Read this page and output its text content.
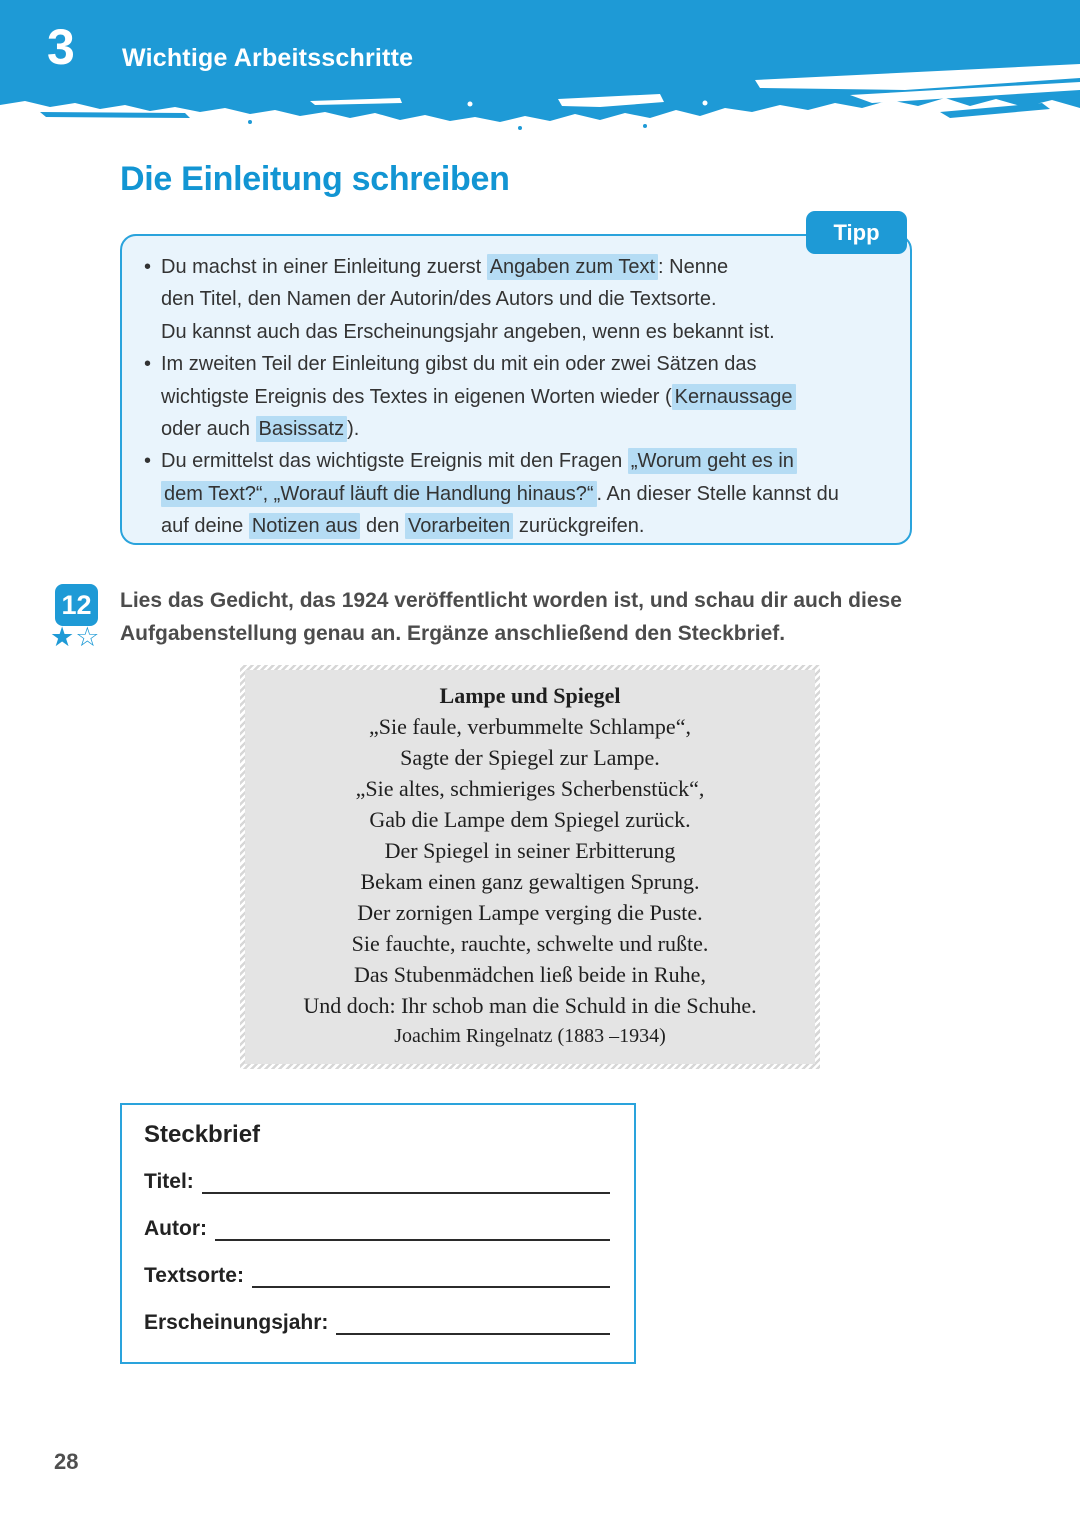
3 Wichtige Arbeitsschritte
Die Einleitung schreiben
Tipp
• Du machst in einer Einleitung zuerst Angaben zum Text : Nenne
den Titel, den Namen der Autorin/des Autors und die Textsorte.
Du kannst auch das Erscheinungsjahr angeben, wenn es bekannt ist.
• Im zweiten Teil der Einleitung gibst du mit ein oder zwei Sätzen das
wichtigste Ereignis des Textes in eigenen Worten wieder ( Kernaussage
oder auch Basissatz ).
• Du ermittelst das wichtigste Ereignis mit den Fragen „Worum geht es in
dem Text?“, „Worauf läuft die Handlung hinaus?“ . An dieser Stelle kannst du
auf deine Notizen aus den Vorarbeiten zurückgreifen.
12
★☆
Lies das Gedicht, das 1924 veröffentlicht worden ist, und schau dir auch diese
Aufgabenstellung genau an. Ergänze anschließend den Steckbrief.
Lampe und Spiegel
„Sie faule, verbummelte Schlampe“,
Sagte der Spiegel zur Lampe.
„Sie altes, schmieriges Scherbenstück“,
Gab die Lampe dem Spiegel zurück.
Der Spiegel in seiner Erbitterung
Bekam einen ganz gewaltigen Sprung.
Der zornigen Lampe verging die Puste.
Sie fauchte, rauchte, schwelte und rußte.
Das Stubenmädchen ließ beide in Ruhe,
Und doch: Ihr schob man die Schuld in die Schuhe.
Joachim Ringelnatz (1883 –1934)
Steckbrief
Titel:
Autor:
Textsorte:
Erscheinungsjahr:
28
